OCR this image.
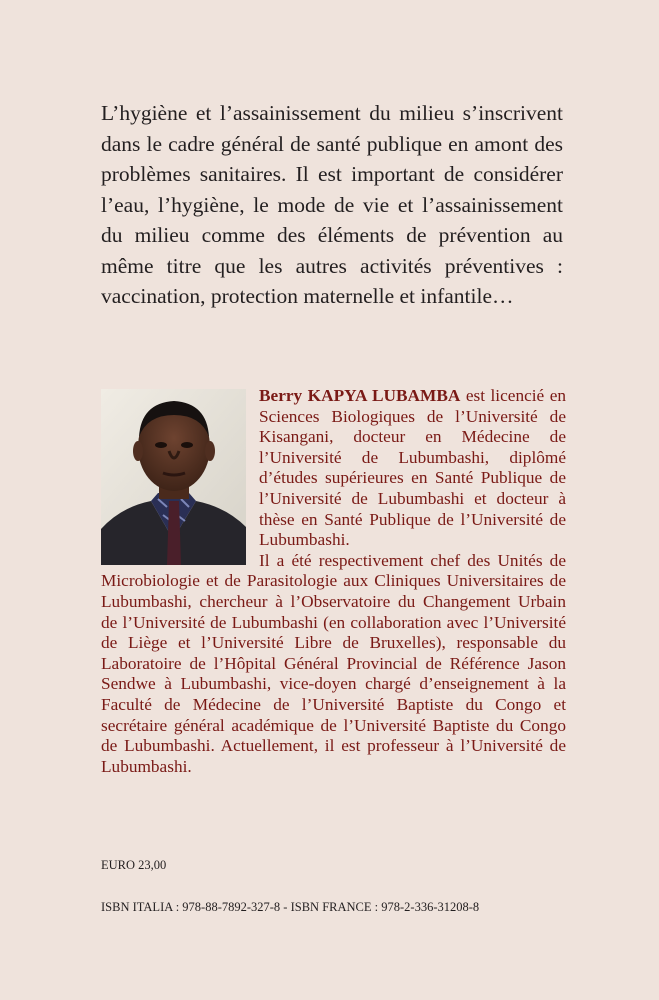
L’hygiène et l’assainissement du milieu s’inscrivent dans le cadre général de santé publique en amont des problèmes sanitaires. Il est important de considérer l’eau, l’hygiène, le mode de vie et l’assainissement du milieu comme des éléments de prévention au même titre que les autres activités préventives : vaccination, protection maternelle et infantile…

Berry KAPYA LUBAMBA est licencié en Sciences Biologiques de l’Université de Kisangani, docteur en Médecine de l’Université de Lubumbashi, diplômé d’études supérieures en Santé Publique de l’Université de Lubumbashi et docteur à thèse en Santé Publique de l’Université de Lubumbashi.
Il a été respectivement chef des Unités de Microbiologie et de Parasitologie aux Cliniques Universitaires de Lubumbashi, chercheur à l’Observatoire du Changement Urbain de l’Université de Lubumbashi (en collaboration avec l’Université de Liège et l’Université Libre de Bruxelles), responsable du Laboratoire de l’Hôpital Général Provincial de Référence Jason Sendwe à Lubumbashi, vice-doyen chargé d’enseignement à la Faculté de Médecine de l’Université Baptiste du Congo et secrétaire général académique de l’Université Baptiste du Congo de Lubumbashi. Actuellement, il est professeur à l’Université de Lubumbashi.

EURO 23,00

ISBN ITALIA : 978-88-7892-327-8 - ISBN FRANCE : 978-2-336-31208-8
